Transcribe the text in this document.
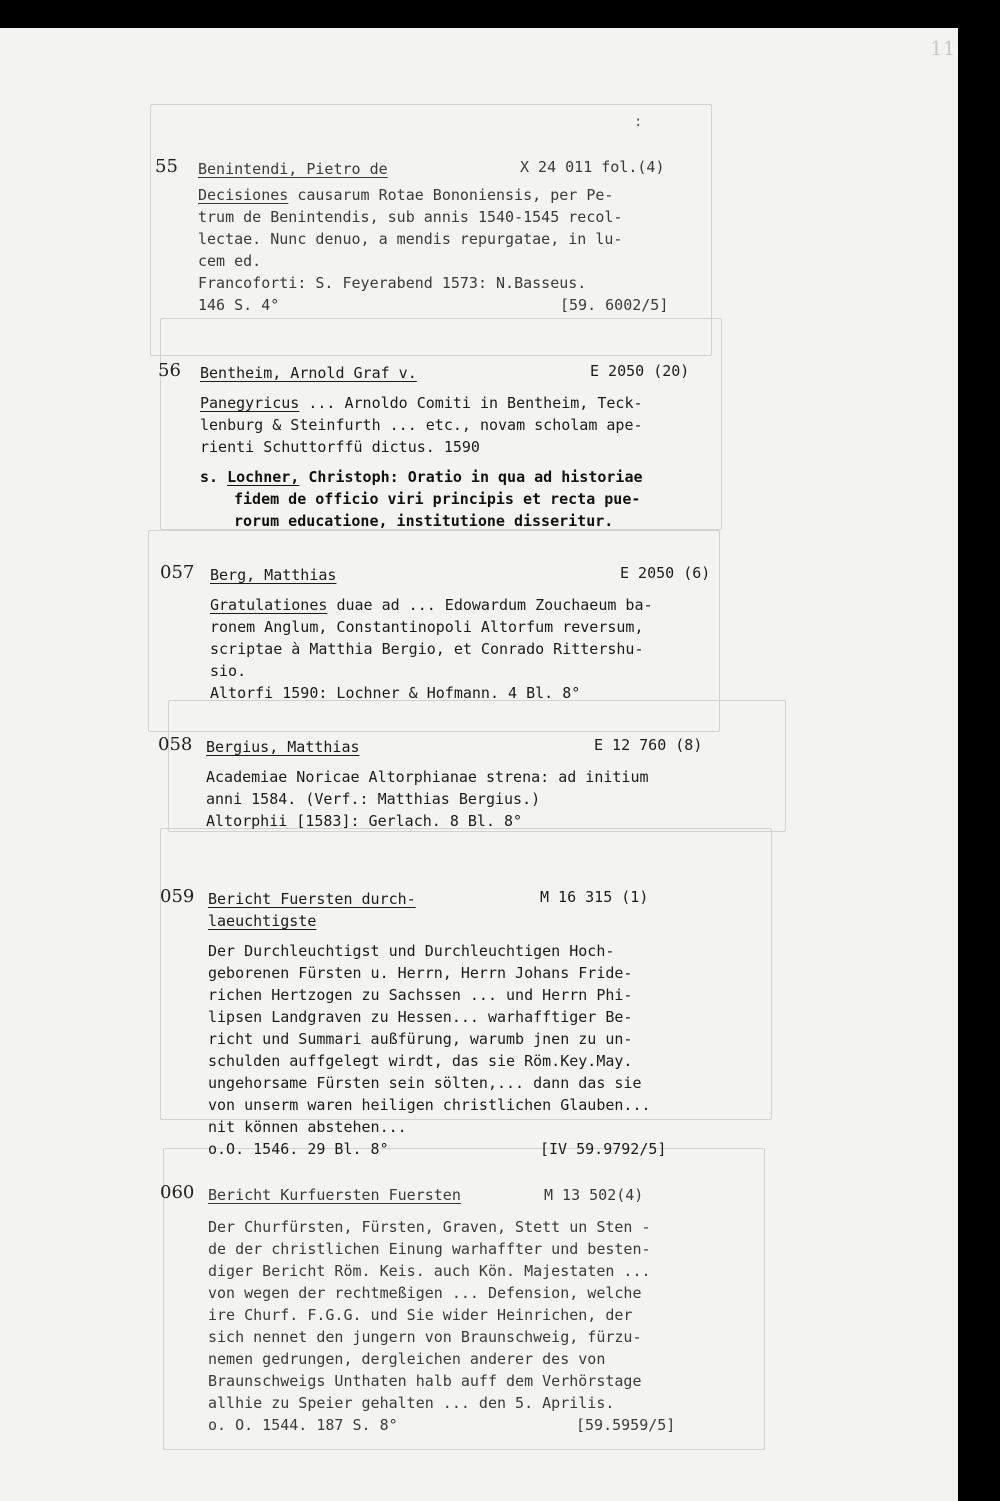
11
:
55 Benintendi, Pietro de	X 24 011 fol.(4)
Decisiones causarum Rotae Bononiensis, per Pe-
trum de Benintendis, sub annis 1540-1545 recol-
lectae. Nunc denuo, a mendis repurgatae, in lu-
cem ed.
Francoforti: S. Feyerabend 1573: N.Basseus.
146 S. 4°	[59. 6002/5]
56 Bentheim, Arnold Graf v.	E 2050 (20)
Panegyricus ... Arnoldo Comiti in Bentheim, Teck-
lenburg & Steinfurth ... etc., novam scholam ape-
rienti Schuttorffü dictus. 1590
s. Lochner, Christoph: Oratio in qua ad historiae
fidem de officio viri principis et recta pue-
rorum educatione, institutione disseritur.
057 Berg, Matthias	E 2050 (6)
Gratulationes duae ad ... Edowardum Zouchaeum ba-
ronem Anglum, Constantinopoli Altorfum reversum,
scriptae à Matthia Bergio, et Conrado Rittershu-
sio.
Altorfi 1590: Lochner & Hofmann. 4 Bl. 8°
058 Bergius, Matthias	E 12 760 (8)
Academiae Noricae Altorphianae strena: ad initium
anni 1584. (Verf.: Matthias Bergius.)
Altorphii [1583]: Gerlach. 8 Bl. 8°
059 Bericht Fuersten durch-
laeuchtigste
M 16 315 (1)
Der Durchleuchtigst und Durchleuchtigen Hoch-
geborenen Fürsten u. Herrn, Herrn Johans Fride-
richen Hertzogen zu Sachssen ... und Herrn Phi-
lipsen Landgraven zu Hessen... warhafftiger Be-
richt und Summari außfürung, warumb jnen zu un-
schulden auffgelegt wirdt, das sie Röm.Key.May.
ungehorsame Fürsten sein sölten,... dann das sie
von unserm waren heiligen christlichen Glauben...
nit können abstehen...
o.O. 1546. 29 Bl. 8°	[IV 59.9792/5]
060 Bericht Kurfuersten Fuersten	M 13 502(4)
Der Churfürsten, Fürsten, Graven, Stett un Sten -
de der christlichen Einung warhaffter und besten-
diger Bericht Röm. Keis. auch Kön. Majestaten ...
von wegen der rechtmeßigen ... Defension, welche
ire Churf. F.G.G. und Sie wider Heinrichen, der
sich nennet den jungern von Braunschweig, fürzu-
nemen gedrungen, dergleichen anderer des von
Braunschweigs Unthaten halb auff dem Verhörstage
allhie zu Speier gehalten ... den 5. Aprilis.
o. O. 1544. 187 S. 8°	[59.5959/5]
